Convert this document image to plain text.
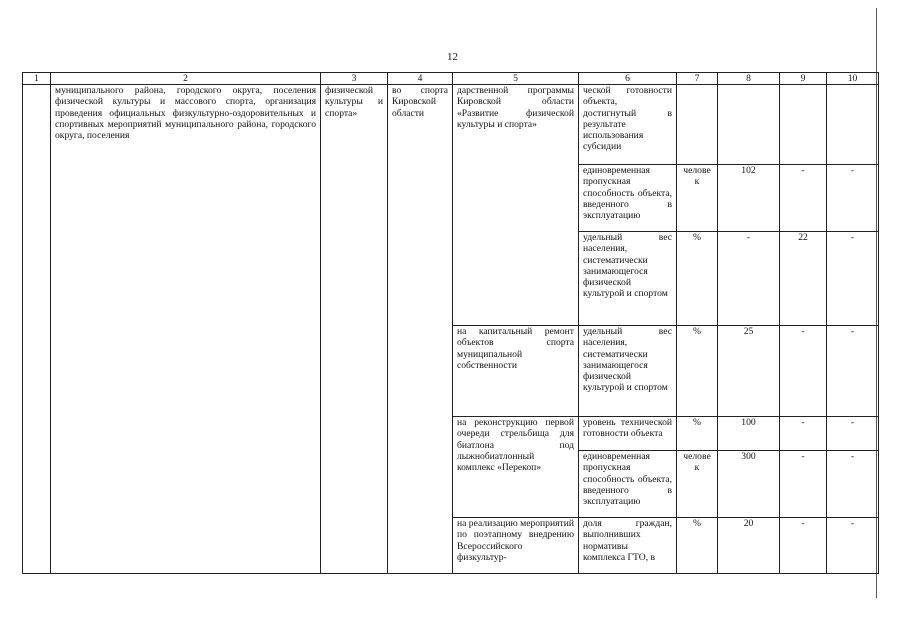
12
1	2	3	4	5	6	7	8	9	10
	муниципального района, городского округа, поселения физической культуры и массового спорта, организация проведения официальных физкультурно-оздоровительных и спортивных мероприятий муниципального района, городского округа, поселения	физической культуры и спорта»	во спорта Кировской области	дарственной программы Кировской области «Развитие физической культуры и спорта»	ческой готовности объекта, достигнутый в результате использования субсидии				
					единовременная пропускная способность объекта, введенного в эксплуатацию	человек	102	-	-
					удельный вес населения, систематически занимающегося физической культурой и спортом	%	-	22	-
				на капитальный ремонт объектов спорта муниципальной собственности	удельный вес населения, систематически занимающегося физической культурой и спортом	%	25	-	-
				на реконструкцию первой очереди стрельбища для биатлона под лыжнобиатлонный комплекс «Перекоп»	уровень технической готовности объекта	%	100	-	-
					единовременная пропускная способность объекта, введенного в эксплуатацию	человек	300	-	-
				на реализацию мероприятий по поэтапному внедрению Всероссийского физкультур-	доля граждан, выполнивших нормативы комплекса ГТО, в	%	20	-	-
